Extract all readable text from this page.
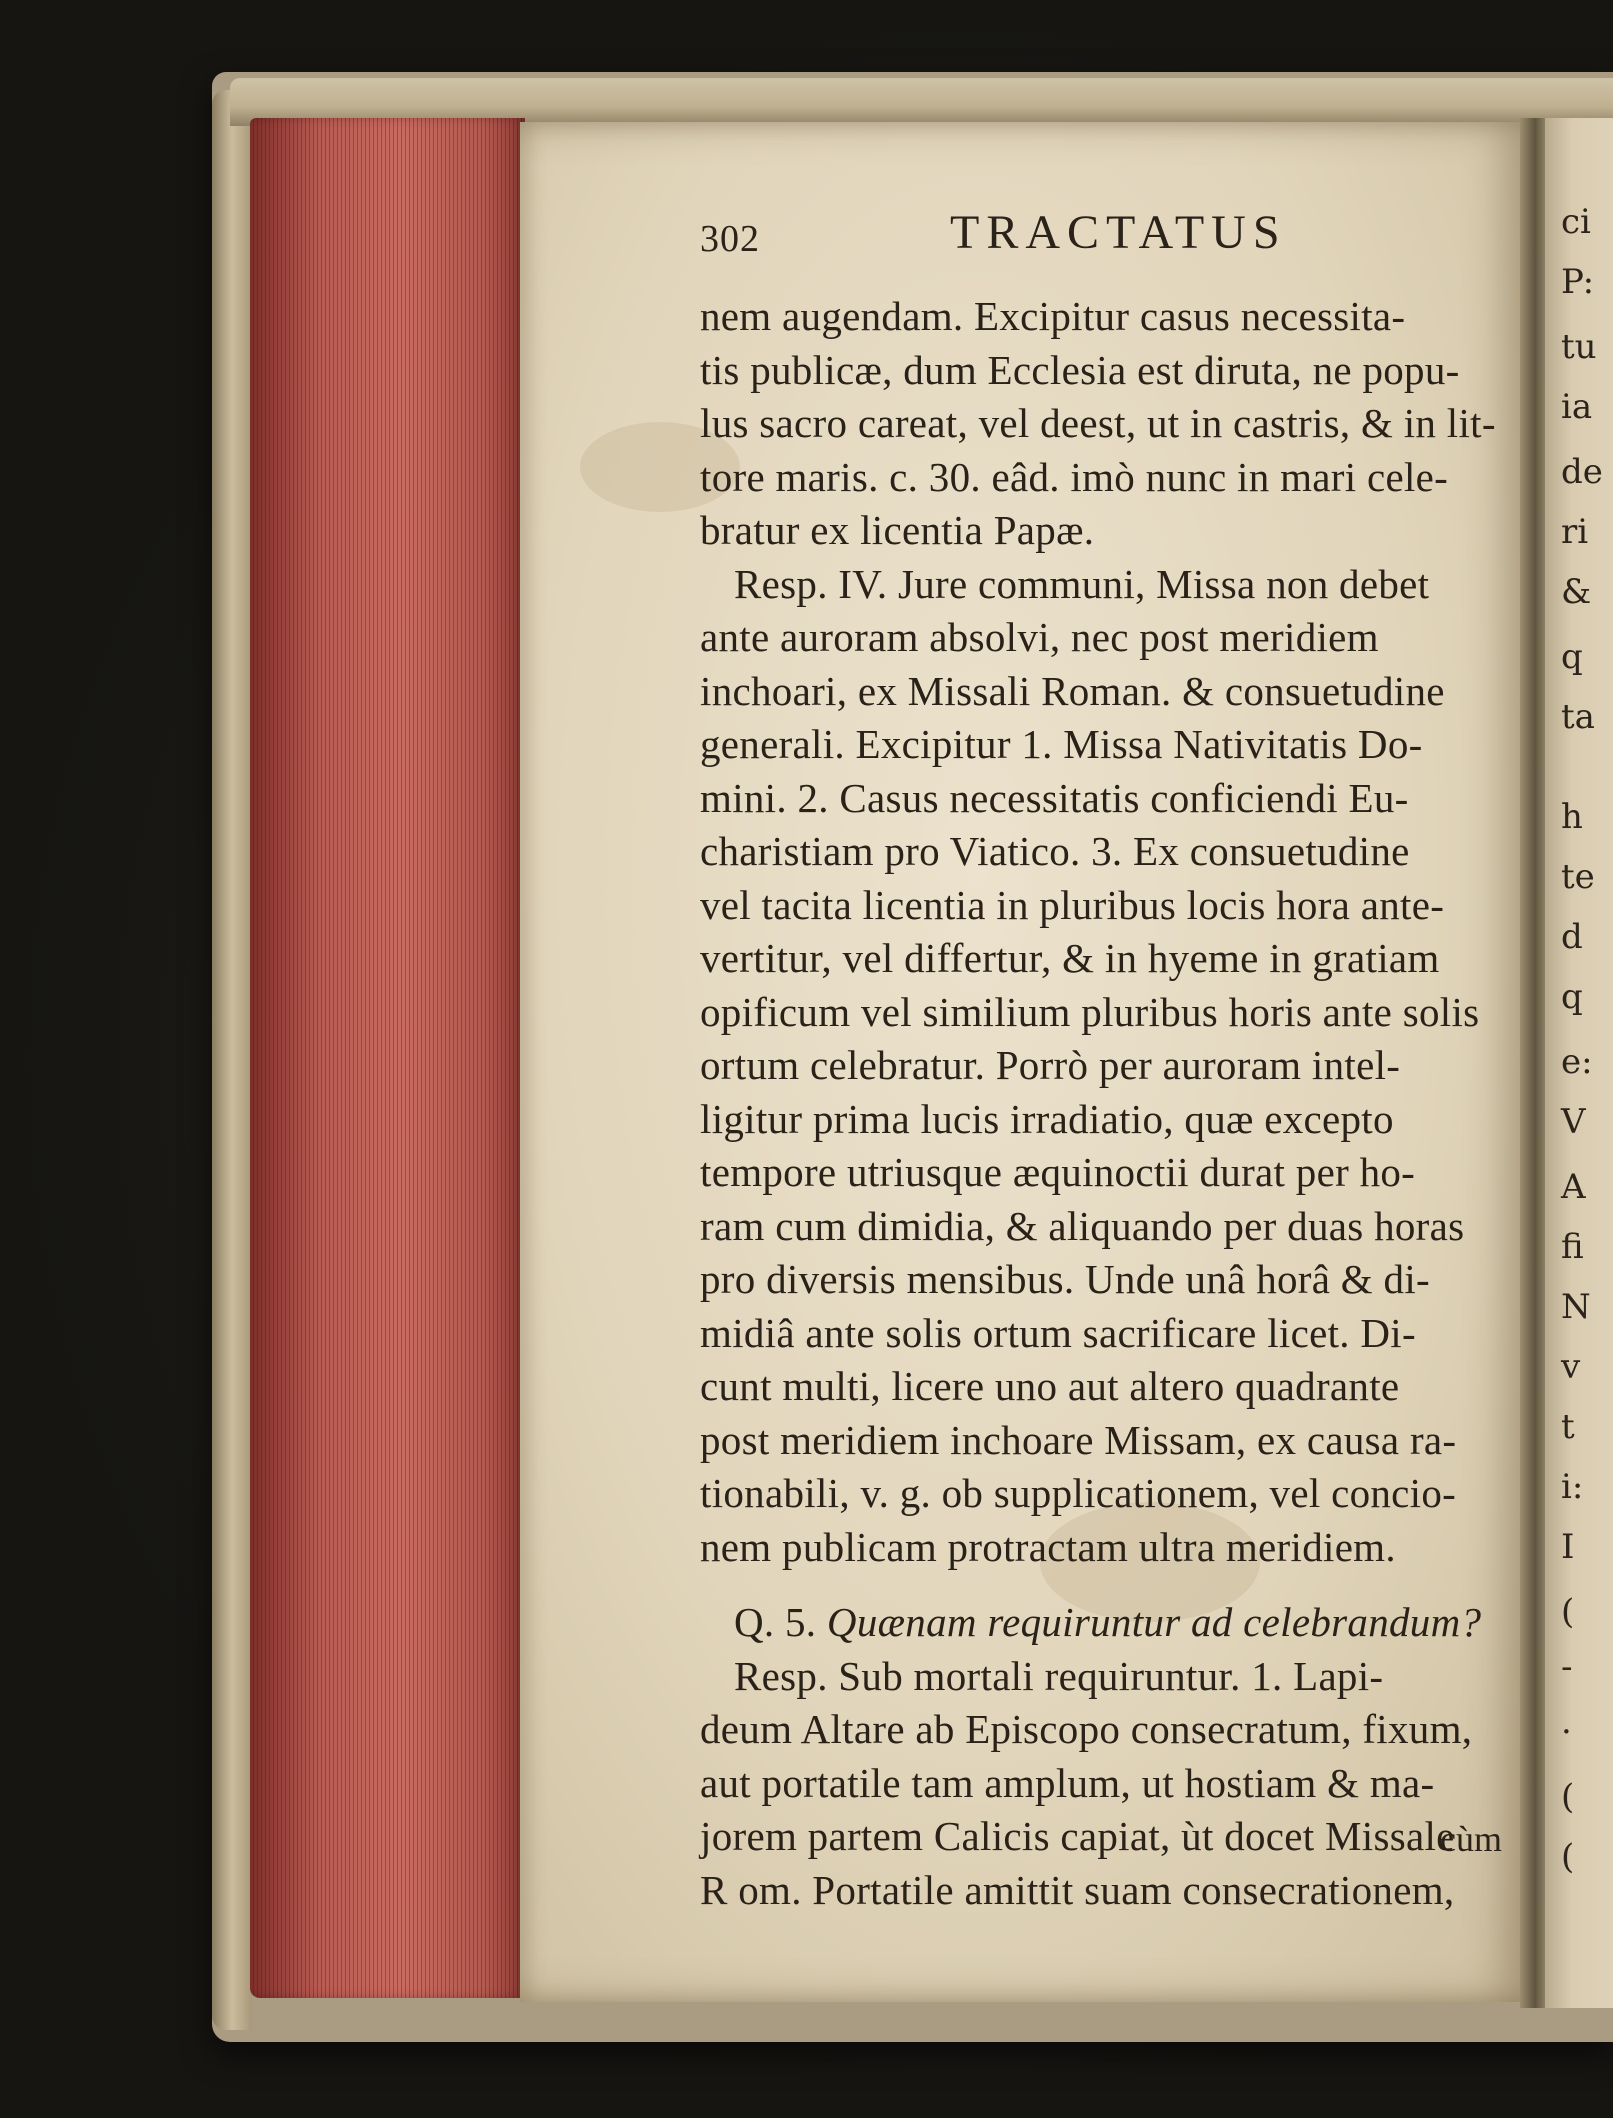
ci
P:
tu
ia
de
ri
&
q
ta
h
te
d
q
e:
V
A
fi
N
v
t
i:
I
(
-
·
(
(
302	TRACTATUS
nem augendam. Excipitur casus necessita-
tis publicæ, dum Ecclesia est diruta, ne popu-
lus sacro careat, vel deest, ut in castris, & in lit-
tore maris. c. 30. eâd. imò nunc in mari cele-
bratur ex licentia Papæ.
Resp. IV. Jure communi, Missa non debet
ante auroram absolvi, nec post meridiem
inchoari, ex Missali Roman. & consuetudine
generali. Excipitur 1. Missa Nativitatis Do-
mini. 2. Casus necessitatis conficiendi Eu-
charistiam pro Viatico. 3. Ex consuetudine
vel tacita licentia in pluribus locis hora ante-
vertitur, vel differtur, & in hyeme in gratiam
opificum vel similium pluribus horis ante solis
ortum celebratur. Porrò per auroram intel-
ligitur prima lucis irradiatio, quæ excepto
tempore utriusque æquinoctii durat per ho-
ram cum dimidia, & aliquando per duas horas
pro diversis mensibus. Unde unâ horâ & di-
midiâ ante solis ortum sacrificare licet. Di-
cunt multi, licere uno aut altero quadrante
post meridiem inchoare Missam, ex causa ra-
tionabili, v. g. ob supplicationem, vel concio-
nem publicam protractam ultra meridiem.
Q. 5. Quænam requiruntur ad celebrandum?
Resp. Sub mortali requiruntur. 1. Lapi-
deum Altare ab Episcopo consecratum, fixum,
aut portatile tam amplum, ut hostiam & ma-
jorem partem Calicis capiat, ùt docet Missale
R om. Portatile amittit suam consecrationem,
cùm
